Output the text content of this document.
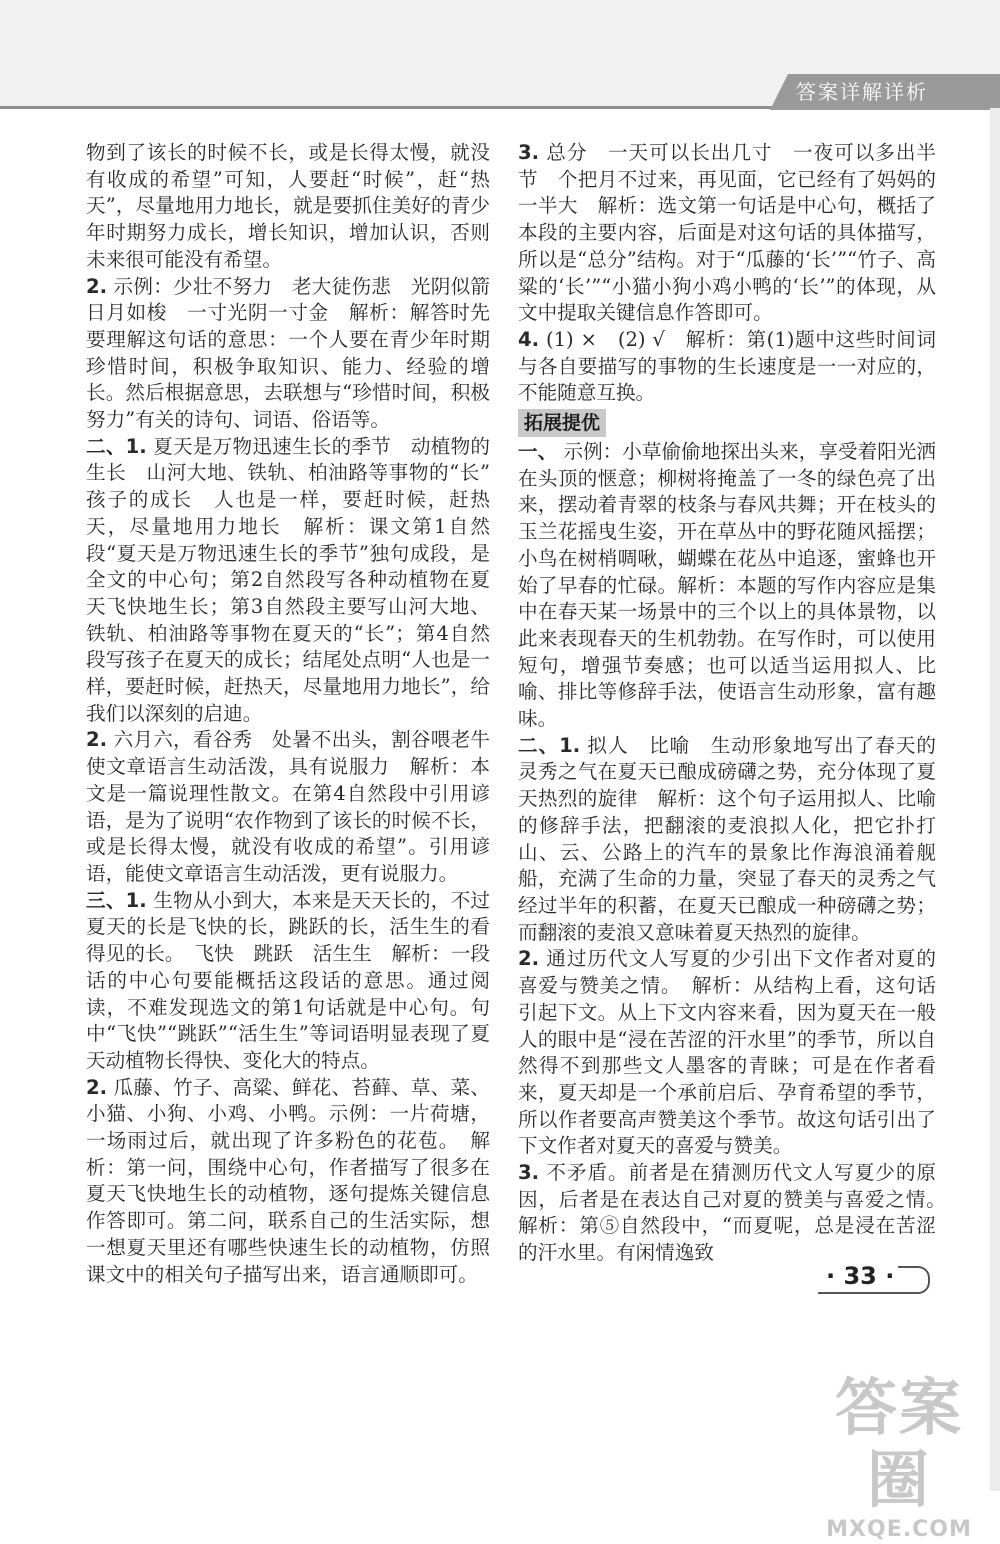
答案详解详析

物到了该长的时候不长，或是长得太慢，就没有收成的希望”可知，人要赶“时候”，赶“热天”，尽量地用力地长，就是要抓住美好的青少年时期努力成长，增长知识，增加认识，否则未来很可能没有希望。

2. 示例：少壮不努力　老大徒伤悲　光阴似箭　日月如梭　一寸光阴一寸金　解析：解答时先要理解这句话的意思：一个人要在青少年时期珍惜时间，积极争取知识、能力、经验的增长。然后根据意思，去联想与“珍惜时间，积极努力”有关的诗句、词语、俗语等。

二、1. 夏天是万物迅速生长的季节　动植物的生长　山河大地、铁轨、柏油路等事物的“长”　孩子的成长　人也是一样，要赶时候，赶热天，尽量地用力地长　解析：课文第1自然段“夏天是万物迅速生长的季节”独句成段，是全文的中心句；第2自然段写各种动植物在夏天飞快地生长；第3自然段主要写山河大地、铁轨、柏油路等事物在夏天的“长”；第4自然段写孩子在夏天的成长；结尾处点明“人也是一样，要赶时候，赶热天，尽量地用力地长”，给我们以深刻的启迪。

2. 六月六，看谷秀　处暑不出头，割谷喂老牛　使文章语言生动活泼，具有说服力　解析：本文是一篇说理性散文。在第4自然段中引用谚语，是为了说明“农作物到了该长的时候不长，或是长得太慢，就没有收成的希望”。引用谚语，能使文章语言生动活泼，更有说服力。

三、1. 生物从小到大，本来是天天长的，不过夏天的长是飞快的长，跳跃的长，活生生的看得见的长。　飞快　跳跃　活生生　解析：一段话的中心句要能概括这段话的意思。通过阅读，不难发现选文的第1句话就是中心句。句中“飞快”“跳跃”“活生生”等词语明显表现了夏天动植物长得快、变化大的特点。

2. 瓜藤、竹子、高粱、鲜花、苔藓、草、菜、小猫、小狗、小鸡、小鸭。示例：一片荷塘，一场雨过后，就出现了许多粉色的花苞。　解析：第一问，围绕中心句，作者描写了很多在夏天飞快地生长的动植物，逐句提炼关键信息作答即可。第二问，联系自己的生活实际，想一想夏天里还有哪些快速生长的动植物，仿照课文中的相关句子描写出来，语言通顺即可。

3. 总分　一天可以长出几寸　一夜可以多出半节　个把月不过来，再见面，它已经有了妈妈的一半大　解析：选文第一句话是中心句，概括了本段的主要内容，后面是对这句话的具体描写，所以是“总分”结构。对于“瓜藤的‘长’”“竹子、高粱的‘长’”“小猫小狗小鸡小鸭的‘长’”的体现，从文中提取关键信息作答即可。

4. (1) ×　(2) √　解析：第(1)题中这些时间词与各自要描写的事物的生长速度是一一对应的，不能随意互换。

拓展提优

一、 示例：小草偷偷地探出头来，享受着阳光洒在头顶的惬意；柳树将掩盖了一冬的绿色亮了出来，摆动着青翠的枝条与春风共舞；开在枝头的玉兰花摇曳生姿，开在草丛中的野花随风摇摆；小鸟在树梢啁啾，蝴蝶在花丛中追逐，蜜蜂也开始了早春的忙碌。解析：本题的写作内容应是集中在春天某一场景中的三个以上的具体景物，以此来表现春天的生机勃勃。在写作时，可以使用短句，增强节奏感；也可以适当运用拟人、比喻、排比等修辞手法，使语言生动形象，富有趣味。

二、1. 拟人　比喻　生动形象地写出了春天的灵秀之气在夏天已酿成磅礴之势，充分体现了夏天热烈的旋律　解析：这个句子运用拟人、比喻的修辞手法，把翻滚的麦浪拟人化，把它扑打山、云、公路上的汽车的景象比作海浪涌着舰船，充满了生命的力量，突显了春天的灵秀之气经过半年的积蓄，在夏天已酿成一种磅礴之势；而翻滚的麦浪又意味着夏天热烈的旋律。

2. 通过历代文人写夏的少引出下文作者对夏的喜爱与赞美之情。　解析：从结构上看，这句话引起下文。从上下文内容来看，因为夏天在一般人的眼中是“浸在苦涩的汗水里”的季节，所以自然得不到那些文人墨客的青睐；可是在作者看来，夏天却是一个承前启后、孕育希望的季节，所以作者要高声赞美这个季节。故这句话引出了下文作者对夏天的喜爱与赞美。

3. 不矛盾。前者是在猜测历代文人写夏少的原因，后者是在表达自己对夏的赞美与喜爱之情。　解析：第⑤自然段中，“而夏呢，总是浸在苦涩的汗水里。有闲情逸致

· 33 ·
答案圈
MXQE.COM
